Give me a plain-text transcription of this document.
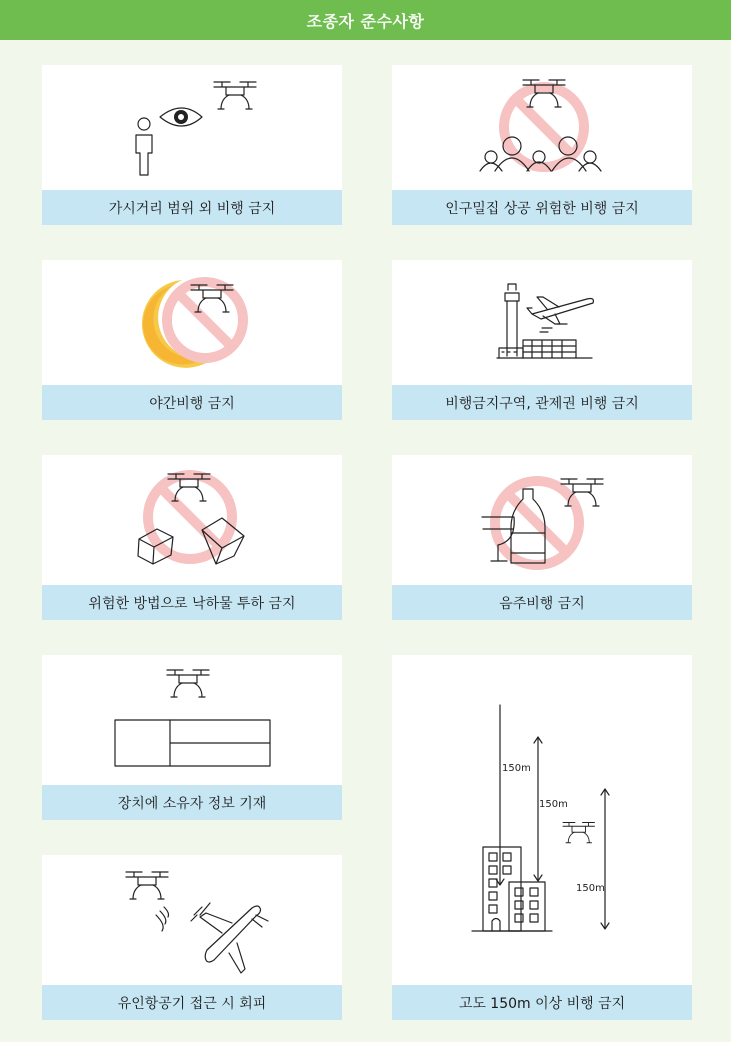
조종자 준수사항
가시거리 범위 외 비행 금지	인구밀집 상공 위험한 비행 금지
야간비행 금지	비행금지구역, 관제권 비행 금지
위험한 방법으로 낙하물 투하 금지	음주비행 금지
장치에 소유자 정보 기재
유인항공기 접근 시 회피
150m
150m
150m
고도 150m 이상 비행 금지
